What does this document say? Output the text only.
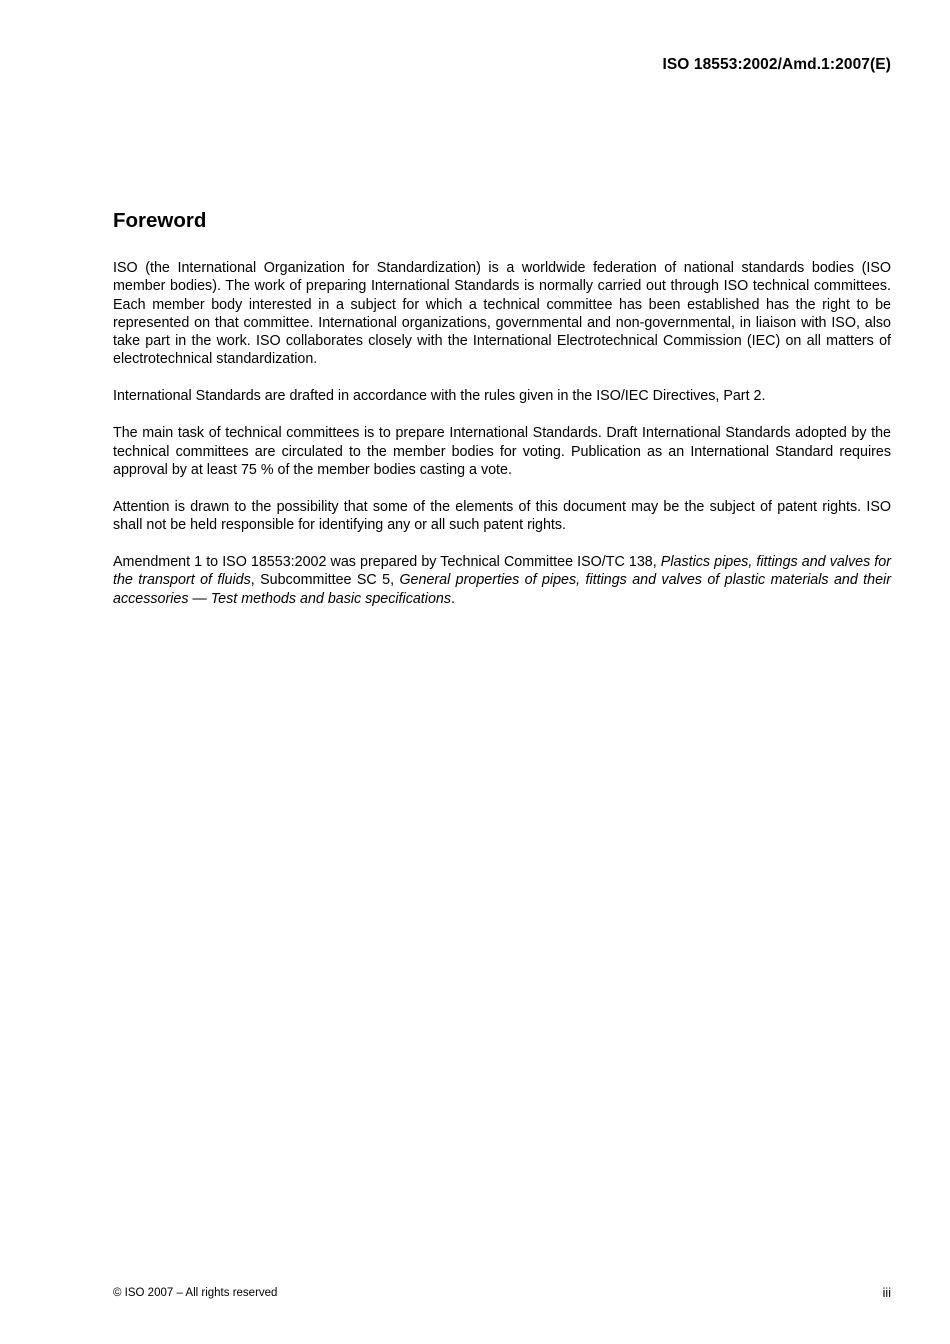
ISO 18553:2002/Amd.1:2007(E)
Foreword

ISO (the International Organization for Standardization) is a worldwide federation of national standards bodies (ISO member bodies). The work of preparing International Standards is normally carried out through ISO technical committees. Each member body interested in a subject for which a technical committee has been established has the right to be represented on that committee. International organizations, governmental and non-governmental, in liaison with ISO, also take part in the work. ISO collaborates closely with the International Electrotechnical Commission (IEC) on all matters of electrotechnical standardization.

International Standards are drafted in accordance with the rules given in the ISO/IEC Directives, Part 2.

The main task of technical committees is to prepare International Standards. Draft International Standards adopted by the technical committees are circulated to the member bodies for voting. Publication as an International Standard requires approval by at least 75 % of the member bodies casting a vote.

Attention is drawn to the possibility that some of the elements of this document may be the subject of patent rights. ISO shall not be held responsible for identifying any or all such patent rights.

Amendment 1 to ISO 18553:2002 was prepared by Technical Committee ISO/TC 138, Plastics pipes, fittings and valves for the transport of fluids, Subcommittee SC 5, General properties of pipes, fittings and valves of plastic materials and their accessories — Test methods and basic specifications.

© ISO 2007 – All rights reserved	iii
